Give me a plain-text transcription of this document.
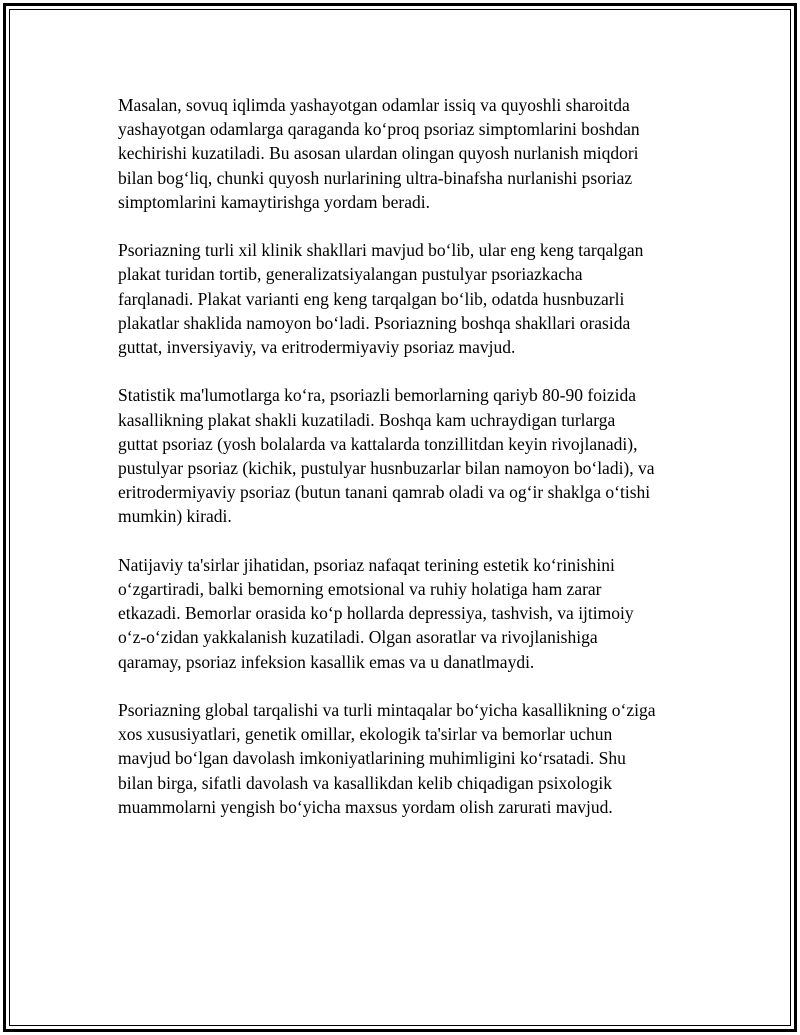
Masalan, sovuq iqlimda yashayotgan odamlar issiq va quyoshli sharoitda
yashayotgan odamlarga qaraganda koʻproq psoriaz simptomlarini boshdan
kechirishi kuzatiladi. Bu asosan ulardan olingan quyosh nurlanish miqdori
bilan bogʻliq, chunki quyosh nurlarining ultra-binafsha nurlanishi psoriaz
simptomlarini kamaytirishga yordam beradi.

Psoriazning turli xil klinik shakllari mavjud boʻlib, ular eng keng tarqalgan
plakat turidan tortib, generalizatsiyalangan pustulyar psoriazkacha
farqlanadi. Plakat varianti eng keng tarqalgan boʻlib, odatda husnbuzarli
plakatlar shaklida namoyon boʻladi. Psoriazning boshqa shakllari orasida
guttat, inversiyaviy, va eritrodermiyaviy psoriaz mavjud.

Statistik ma'lumotlarga koʻra, psoriazli bemorlarning qariyb 80-90 foizida
kasallikning plakat shakli kuzatiladi. Boshqa kam uchraydigan turlarga
guttat psoriaz (yosh bolalarda va kattalarda tonzillitdan keyin rivojlanadi),
pustulyar psoriaz (kichik, pustulyar husnbuzarlar bilan namoyon boʻladi), va
eritrodermiyaviy psoriaz (butun tanani qamrab oladi va ogʻir shaklga oʻtishi
mumkin) kiradi.

Natijaviy ta'sirlar jihatidan, psoriaz nafaqat terining estetik koʻrinishini
oʻzgartiradi, balki bemorning emotsional va ruhiy holatiga ham zarar
etkazadi. Bemorlar orasida koʻp hollarda depressiya, tashvish, va ijtimoiy
oʻz-oʻzidan yakkalanish kuzatiladi. Olgan asoratlar va rivojlanishiga
qaramay, psoriaz infeksion kasallik emas va u danatlmaydi.

Psoriazning global tarqalishi va turli mintaqalar boʻyicha kasallikning oʻziga
xos xususiyatlari, genetik omillar, ekologik ta'sirlar va bemorlar uchun
mavjud boʻlgan davolash imkoniyatlarining muhimligini koʻrsatadi. Shu
bilan birga, sifatli davolash va kasallikdan kelib chiqadigan psixologik
muammolarni yengish boʻyicha maxsus yordam olish zarurati mavjud.
